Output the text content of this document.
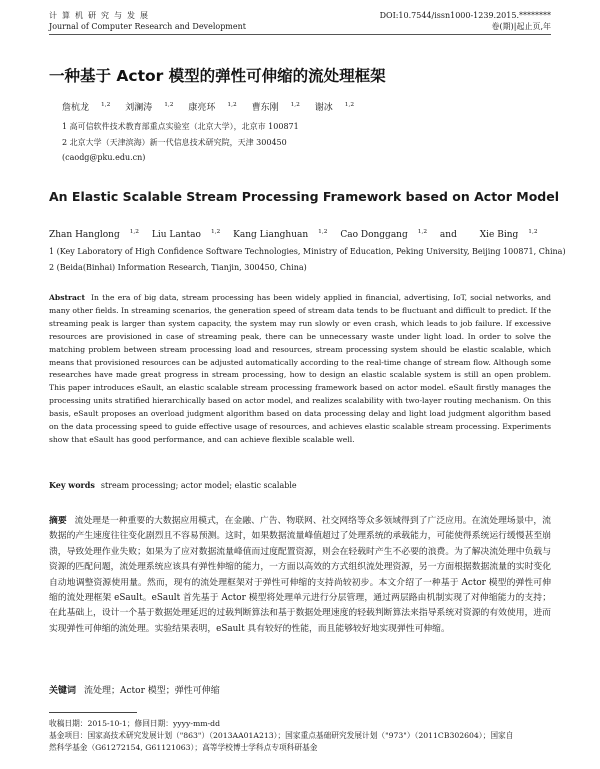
计算机研究与发展
Journal of Computer Research and Development
DOI:10.7544/issn1000-1239.2015.********
卷(期)|起止页,年
一种基于 Actor 模型的弹性可伸缩的流处理框架
詹杭龙 $^{1,2}$ 刘澜涛 $^{1,2}$ 康亮环 $^{1,2}$ 曹东刚 $^{1,2}$ 谢冰 $^{1,2}$
1 高可信软件技术教育部重点实验室（北京大学），北京市 100871
2 北京大学（天津滨海）新一代信息技术研究院，天津 300450
(caodg@pku.edu.cn)
An Elastic Scalable Stream Processing Framework based on Actor Model
Zhan Hanglong $^{1,2}$ Liu Lantao $^{1,2}$ Kang Lianghuan $^{1,2}$ Cao Donggang $^{1,2}$ and	Xie Bing $^{1,2}$
1 (Key Laboratory of High Confidence Software Technologies, Ministry of Education, Peking University, Beijing 100871, China)
2 (Beida(Binhai) Information Research, Tianjin, 300450, China)
Abstract In the era of big data, stream processing has been widely applied in financial, advertising, IoT, social networks, and many other fields. In streaming scenarios, the generation speed of stream data tends to be fluctuant and difficult to predict. If the streaming peak is larger than system capacity, the system may run slowly or even crash, which leads to job failure. If excessive resources are provisioned in case of streaming peak, there can be unnecessary waste under light load. In order to solve the matching problem between stream processing load and resources, stream processing system should be elastic scalable, which means that provisioned resources can be adjusted automatically according to the real-time change of stream flow. Although some researches have made great progress in stream processing, how to design an elastic scalable system is still an open problem. This paper introduces eSault, an elastic scalable stream processing framework based on actor model. eSault firstly manages the processing units stratified hierarchically based on actor model, and realizes scalability with two-layer routing mechanism. On this basis, eSault proposes an overload judgment algorithm based on data processing delay and light load judgment algorithm based on the data processing speed to guide effective usage of resources, and achieves elastic scalable stream processing. Experiments show that eSault has good performance, and can achieve flexible scalable well.
Key words stream processing; actor model; elastic scalable
摘要 流处理是一种重要的大数据应用模式，在金融、广告、物联网、社交网络等众多领域得到了广泛应用。在流处理场景中，流数据的产生速度往往变化剧烈且不容易预测。这时，如果数据流量峰值超过了处理系统的承载能力，可能使得系统运行缓慢甚至崩溃，导致处理作业失败；如果为了应对数据流量峰值而过度配置资源，则会在轻载时产生不必要的浪费。为了解决流处理中负载与资源的匹配问题，流处理系统应该具有弹性伸缩的能力，一方面以高效的方式组织流处理资源，另一方面根据数据流量的实时变化自动地调整资源使用量。然而，现有的流处理框架对于弹性可伸缩的支持尚较初步。本文介绍了一种基于 Actor 模型的弹性可伸缩的流处理框架 eSault。eSault 首先基于 Actor 模型将处理单元进行分层管理，通过两层路由机制实现了对伸缩能力的支持；在此基础上，设计一个基于数据处理延迟的过载判断算法和基于数据处理速度的轻载判断算法来指导系统对资源的有效使用，进而实现弹性可伸缩的流处理。实验结果表明，eSault 具有较好的性能，而且能够较好地实现弹性可伸缩。
关键词 流处理；Actor 模型；弹性可伸缩
收稿日期：2015-10-1；修回日期：yyyy-mm-dd
基金项目：国家高技术研究发展计划（"863"）（2013AA01A213）；国家重点基础研究发展计划（"973"）（2011CB302604）；国家自
然科学基金（G61272154, G61121063）；高等学校博士学科点专项科研基金
